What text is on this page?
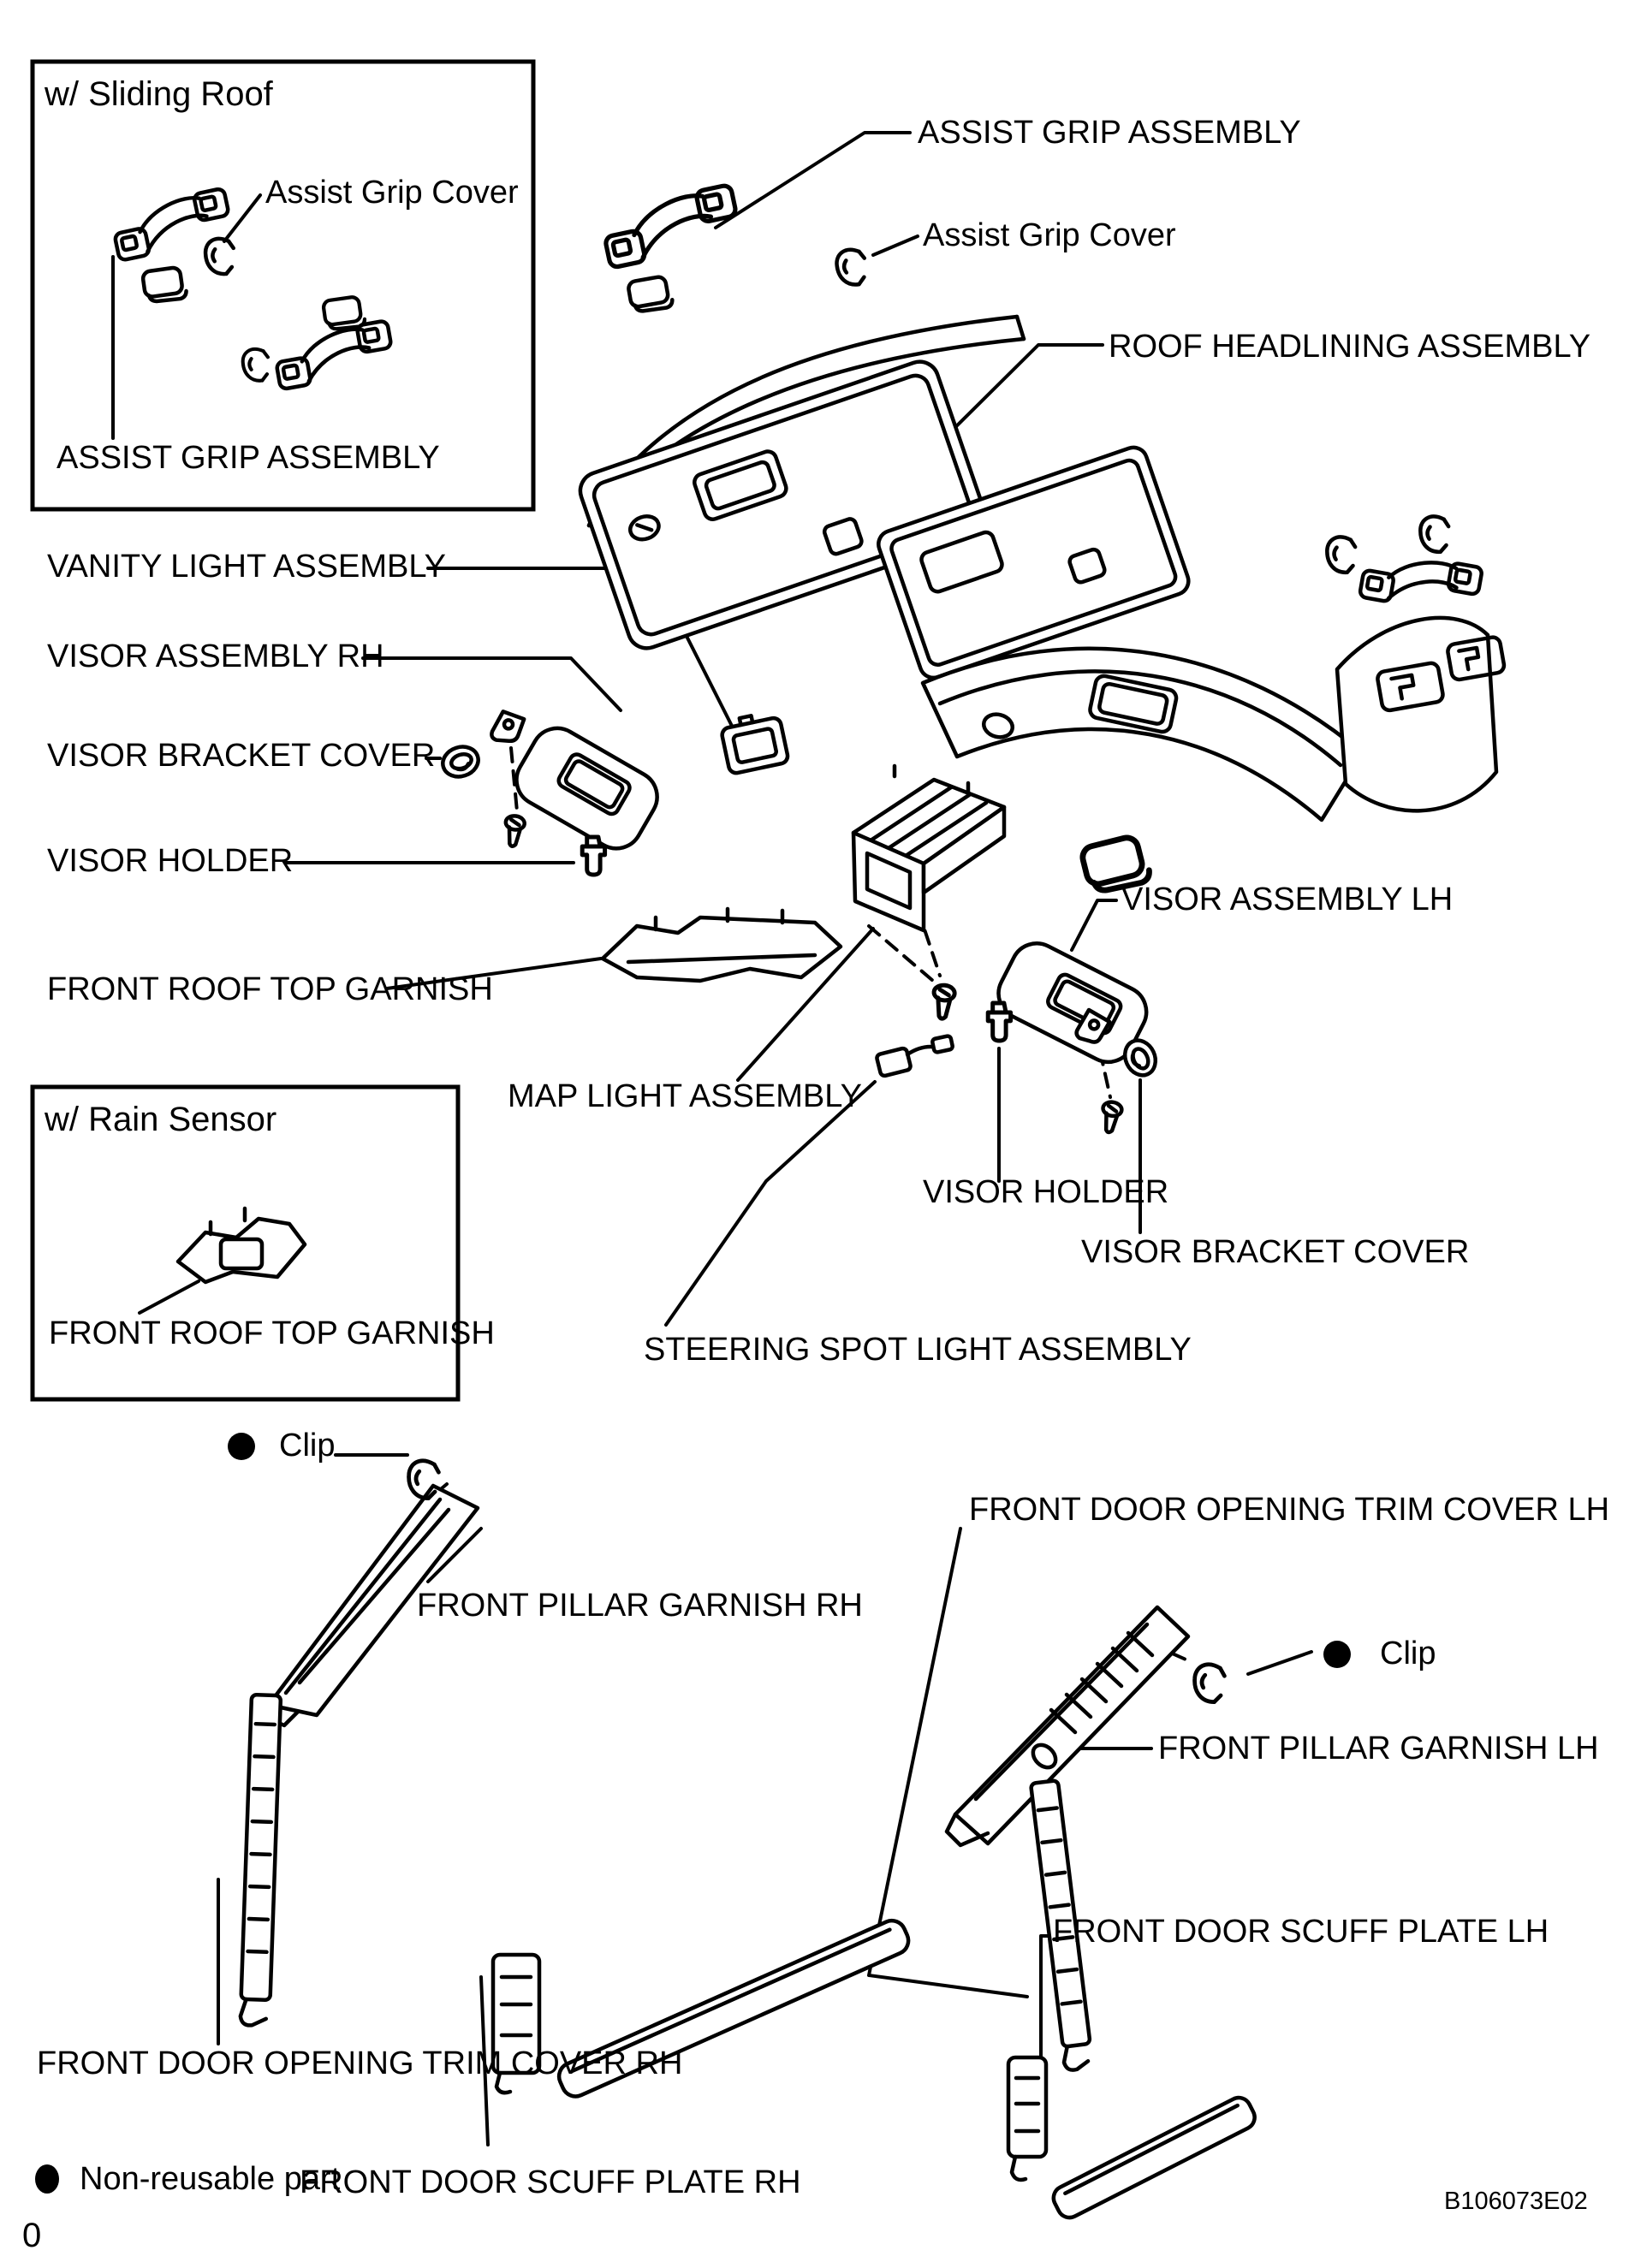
w/ Sliding Roof
Assist Grip Cover
ASSIST GRIP ASSEMBLY
ASSIST GRIP ASSEMBLY
Assist Grip Cover
ROOF HEADLINING ASSEMBLY
VANITY LIGHT ASSEMBLY
VISOR ASSEMBLY RH
VISOR BRACKET COVER
VISOR HOLDER
FRONT ROOF TOP GARNISH
w/ Rain Sensor
FRONT ROOF TOP GARNISH
MAP LIGHT ASSEMBLY
VISOR ASSEMBLY LH
VISOR HOLDER
VISOR BRACKET COVER
STEERING SPOT LIGHT ASSEMBLY
Clip
FRONT PILLAR GARNISH RH
FRONT DOOR OPENING TRIM COVER LH
Clip
FRONT PILLAR GARNISH LH
FRONT DOOR SCUFF PLATE LH
FRONT DOOR OPENING TRIM COVER RH
Non-reusable part
FRONT DOOR SCUFF PLATE RH
0
B106073E02
